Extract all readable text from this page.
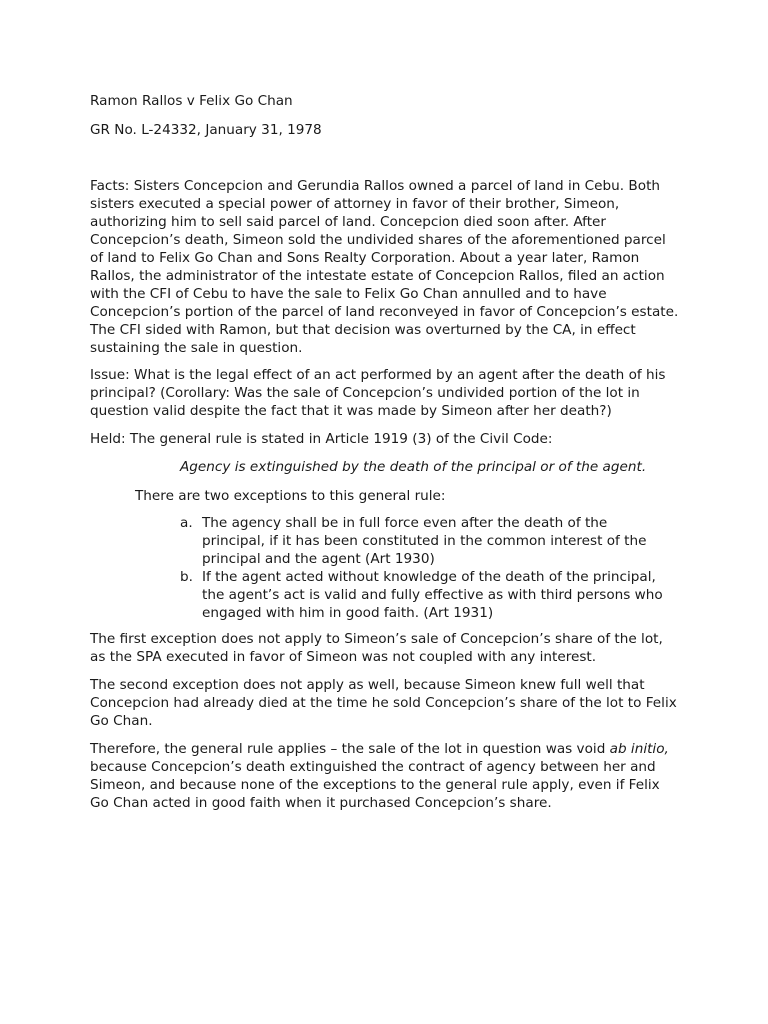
Ramon Rallos v Felix Go Chan

GR No. L-24332, January 31, 1978

Facts: Sisters Concepcion and Gerundia Rallos owned a parcel of land in Cebu. Both sisters executed a special power of attorney in favor of their brother, Simeon, authorizing him to sell said parcel of land. Concepcion died soon after. After Concepcion’s death, Simeon sold the undivided shares of the aforementioned parcel of land to Felix Go Chan and Sons Realty Corporation. About a year later, Ramon Rallos, the administrator of the intestate estate of Concepcion Rallos, filed an action with the CFI of Cebu to have the sale to Felix Go Chan annulled and to have Concepcion’s portion of the parcel of land reconveyed in favor of Concepcion’s estate. The CFI sided with Ramon, but that decision was overturned by the CA, in effect sustaining the sale in question.

Issue: What is the legal effect of an act performed by an agent after the death of his principal? (Corollary: Was the sale of Concepcion’s undivided portion of the lot in question valid despite the fact that it was made by Simeon after her death?)

Held: The general rule is stated in Article 1919 (3) of the Civil Code:

Agency is extinguished by the death of the principal or of the agent.

There are two exceptions to this general rule:

a. The agency shall be in full force even after the death of the principal, if it has been constituted in the common interest of the principal and the agent (Art 1930)
b. If the agent acted without knowledge of the death of the principal, the agent’s act is valid and fully effective as with third persons who engaged with him in good faith. (Art 1931)

The first exception does not apply to Simeon’s sale of Concepcion’s share of the lot, as the SPA executed in favor of Simeon was not coupled with any interest.

The second exception does not apply as well, because Simeon knew full well that Concepcion had already died at the time he sold Concepcion’s share of the lot to Felix Go Chan.

Therefore, the general rule applies – the sale of the lot in question was void ab initio, because Concepcion’s death extinguished the contract of agency between her and Simeon, and because none of the exceptions to the general rule apply, even if Felix Go Chan acted in good faith when it purchased Concepcion’s share.
